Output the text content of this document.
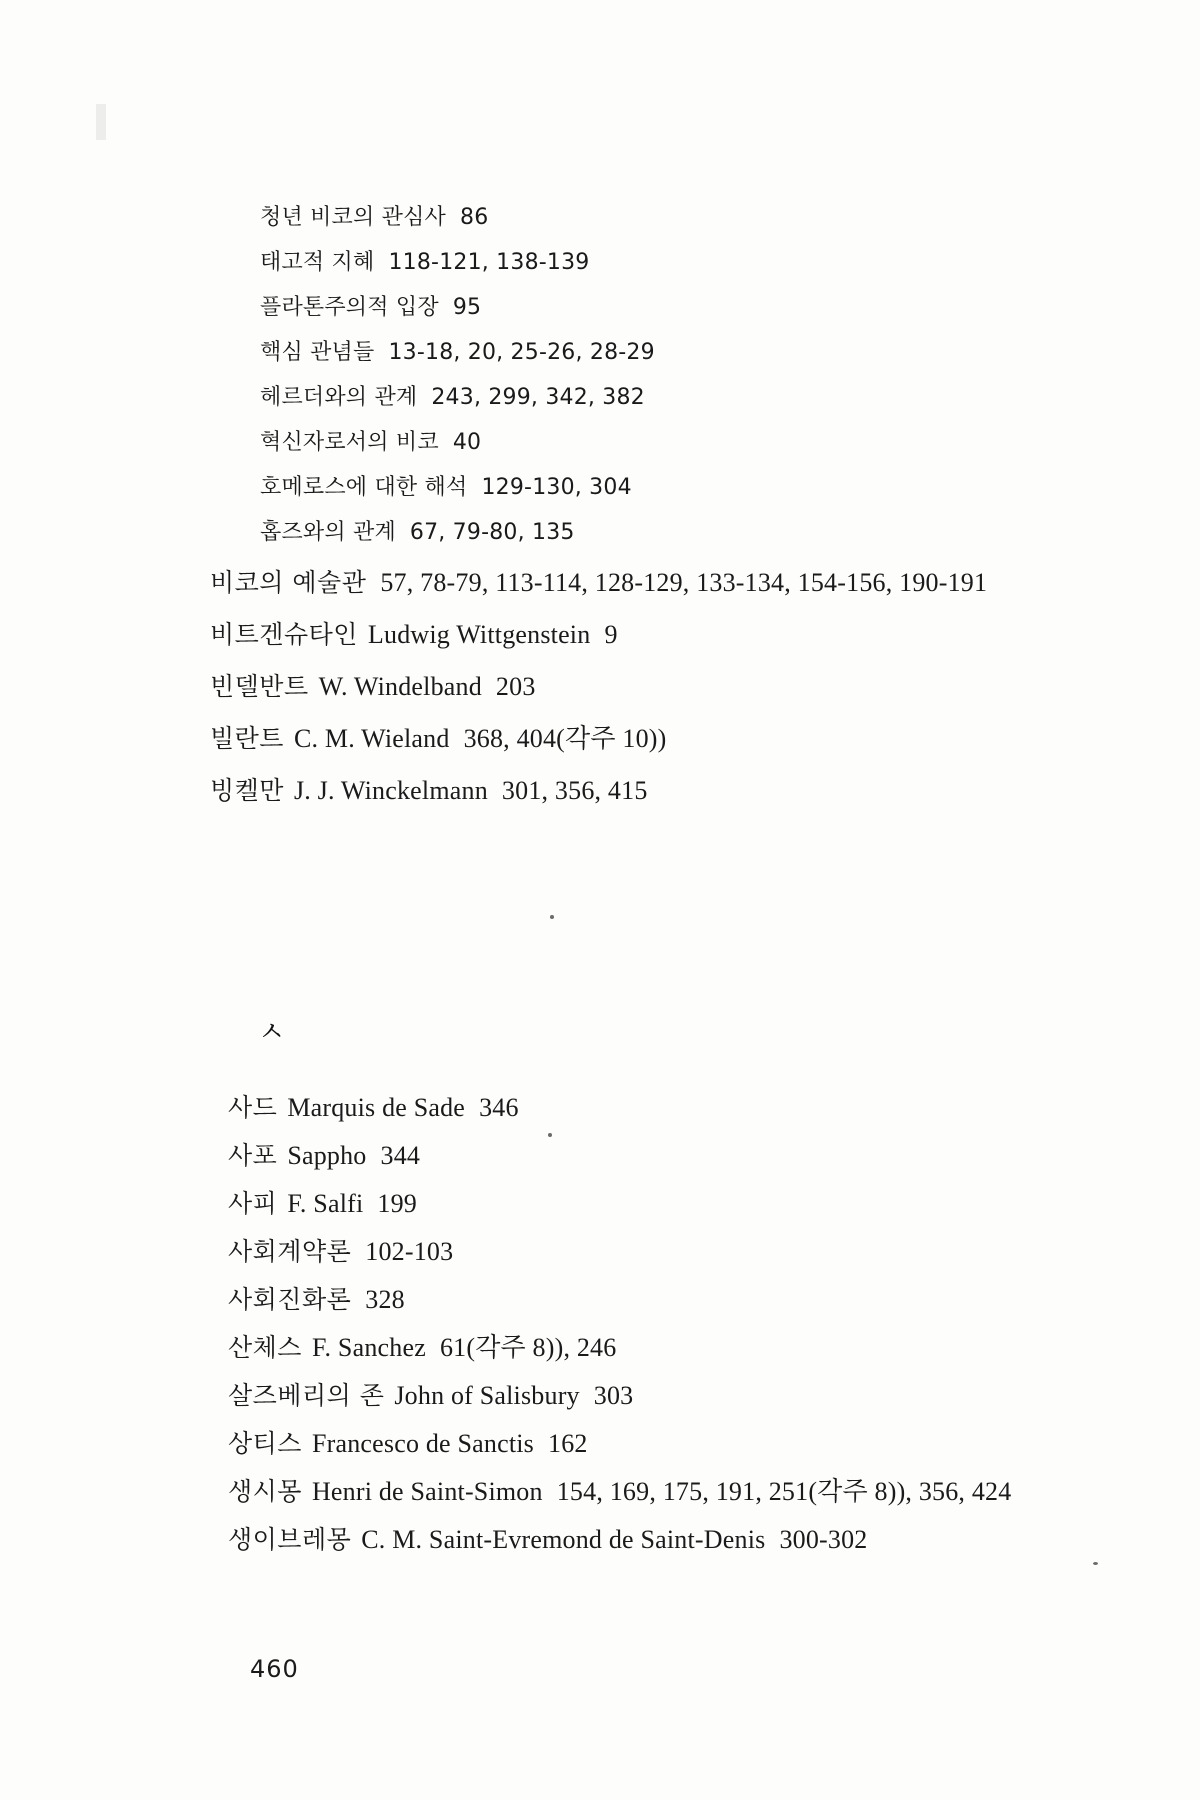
청년 비코의 관심사 86
태고적 지혜 118-121, 138-139
플라톤주의적 입장 95
핵심 관념들 13-18, 20, 25-26, 28-29
헤르더와의 관계 243, 299, 342, 382
혁신자로서의 비코 40
호메로스에 대한 해석 129-130, 304
홉즈와의 관계 67, 79-80, 135
비코의 예술관 57, 78-79, 113-114, 128-129, 133-134, 154-156, 190-191
비트겐슈타인 Ludwig Wittgenstein 9
빈델반트 W. Windelband 203
빌란트 C. M. Wieland 368, 404(각주 10))
빙켈만 J. J. Winckelmann 301, 356, 415
ㅅ
사드 Marquis de Sade 346
사포 Sappho 344
사피 F. Salfi 199
사회계약론 102-103
사회진화론 328
산체스 F. Sanchez 61(각주 8)), 246
살즈베리의 존 John of Salisbury 303
상티스 Francesco de Sanctis 162
생시몽 Henri de Saint-Simon 154, 169, 175, 191, 251(각주 8)), 356, 424
생이브레몽 C. M. Saint-Evremond de Saint-Denis 300-302
460
